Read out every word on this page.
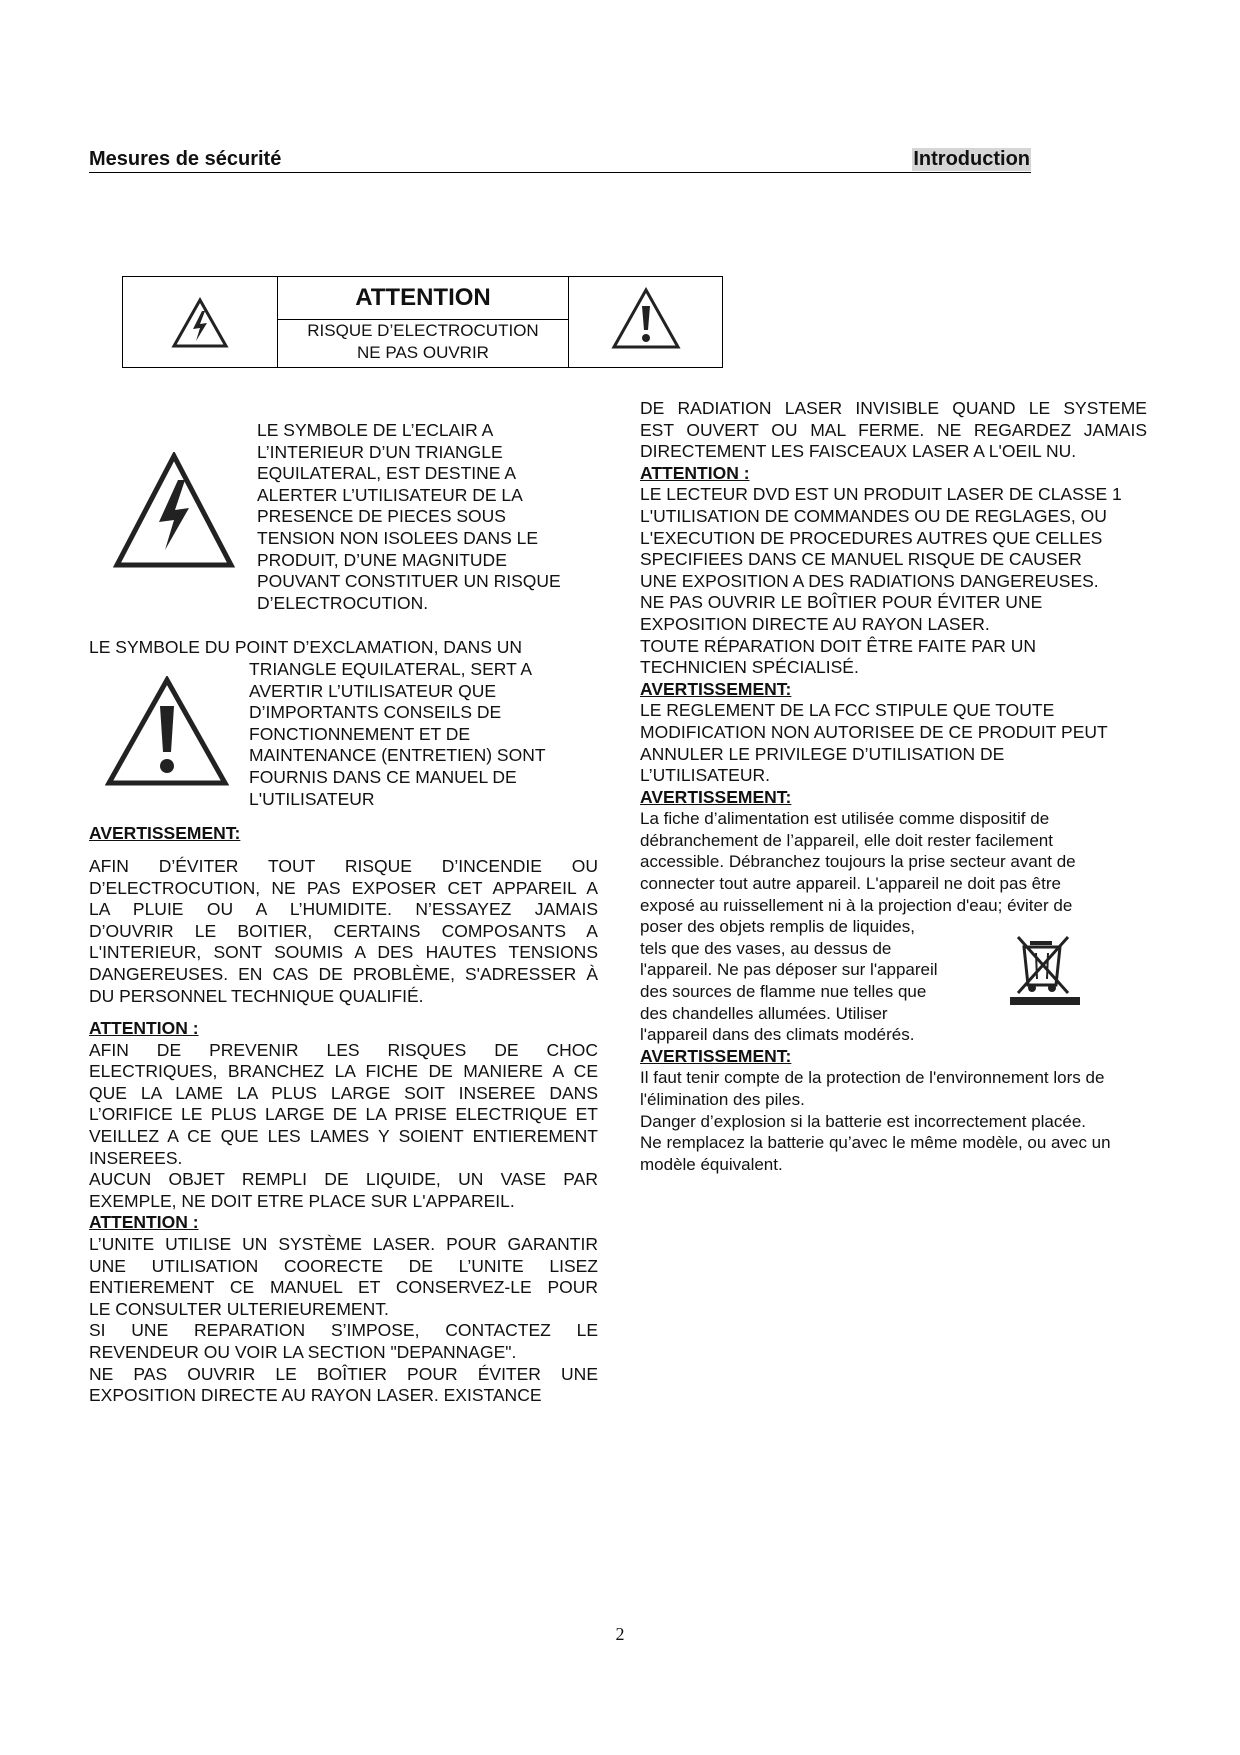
Mesures de sécurité	Introduction
ATTENTION
RISQUE D’ELECTROCUTION
NE PAS OUVRIR

LE SYMBOLE DE L’ECLAIR A

L’INTERIEUR D’UN TRIANGLE

EQUILATERAL, EST DESTINE A

ALERTER L’UTILISATEUR DE LA

PRESENCE DE PIECES SOUS

TENSION NON ISOLEES DANS LE

PRODUIT, D’UNE MAGNITUDE

POUVANT CONSTITUER UN RISQUE

D’ELECTROCUTION.

LE SYMBOLE DU POINT D’EXCLAMATION, DANS UN

TRIANGLE EQUILATERAL, SERT A

AVERTIR L’UTILISATEUR QUE

D’IMPORTANTS CONSEILS DE

FONCTIONNEMENT ET DE

MAINTENANCE (ENTRETIEN) SONT

FOURNIS DANS CE MANUEL DE

L'UTILISATEUR

AVERTISSEMENT:

AFIN D’ÉVITER TOUT RISQUE D’INCENDIE OU

D’ELECTROCUTION, NE PAS EXPOSER CET APPAREIL A

LA PLUIE OU A L’HUMIDITE. N’ESSAYEZ JAMAIS

D’OUVRIR LE BOITIER, CERTAINS COMPOSANTS A

L'INTERIEUR, SONT SOUMIS A DES HAUTES TENSIONS

DANGEREUSES. EN CAS DE PROBLÈME, S'ADRESSER À

DU PERSONNEL TECHNIQUE QUALIFIÉ.

ATTENTION :

AFIN DE PREVENIR LES RISQUES DE CHOC

ELECTRIQUES, BRANCHEZ LA FICHE DE MANIERE A CE

QUE LA LAME LA PLUS LARGE SOIT INSEREE DANS

L’ORIFICE LE PLUS LARGE DE LA PRISE ELECTRIQUE ET

VEILLEZ A CE QUE LES LAMES Y SOIENT ENTIEREMENT

INSEREES.

AUCUN OBJET REMPLI DE LIQUIDE, UN VASE PAR

EXEMPLE, NE DOIT ETRE PLACE SUR L'APPAREIL.

ATTENTION :

L’UNITE UTILISE UN SYSTÈME LASER. POUR GARANTIR

UNE UTILISATION COORECTE DE L’UNITE LISEZ

ENTIEREMENT CE MANUEL ET CONSERVEZ-LE POUR

LE CONSULTER ULTERIEUREMENT.

SI UNE REPARATION S’IMPOSE, CONTACTEZ LE

REVENDEUR OU VOIR LA SECTION "DEPANNAGE".

NE PAS OUVRIR LE BOÎTIER POUR ÉVITER UNE

EXPOSITION DIRECTE AU RAYON LASER. EXISTANCE

DE RADIATION LASER INVISIBLE QUAND LE SYSTEME

EST OUVERT OU MAL FERME. NE REGARDEZ JAMAIS

DIRECTEMENT LES FAISCEAUX LASER A L'OEIL NU.

ATTENTION :

LE LECTEUR DVD EST UN PRODUIT LASER DE CLASSE 1

L'UTILISATION DE COMMANDES OU DE REGLAGES, OU

L'EXECUTION DE PROCEDURES AUTRES QUE CELLES

SPECIFIEES DANS CE MANUEL RISQUE DE CAUSER

UNE EXPOSITION A DES RADIATIONS DANGEREUSES.

NE PAS OUVRIR LE BOÎTIER POUR ÉVITER UNE

EXPOSITION DIRECTE AU RAYON LASER.

TOUTE RÉPARATION DOIT ÊTRE FAITE PAR UN

TECHNICIEN SPÉCIALISÉ.

AVERTISSEMENT:

LE REGLEMENT DE LA FCC STIPULE QUE TOUTE

MODIFICATION NON AUTORISEE DE CE PRODUIT PEUT

ANNULER LE PRIVILEGE D’UTILISATION DE

L’UTILISATEUR.

AVERTISSEMENT:

La fiche d’alimentation est utilisée comme dispositif de

débranchement de l’appareil, elle doit rester facilement

accessible. Débranchez toujours la prise secteur avant de

connecter tout autre appareil. L'appareil ne doit pas être

exposé au ruissellement ni à la projection d'eau; éviter de

poser des objets remplis de liquides,

tels que des vases, au dessus de

l'appareil. Ne pas déposer sur l'appareil

des sources de flamme nue telles que

des chandelles allumées. Utiliser

l'appareil dans des climats modérés.

AVERTISSEMENT:

Il faut tenir compte de la protection de l'environnement lors de

l'élimination des piles.

Danger d’explosion si la batterie est incorrectement placée.

Ne remplacez la batterie qu’avec le même modèle, ou avec un

modèle équivalent.

2
